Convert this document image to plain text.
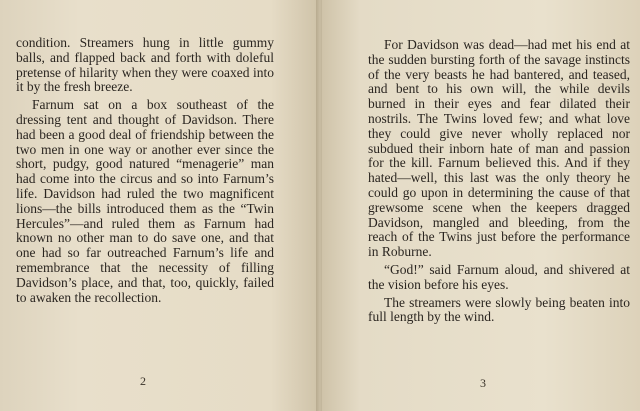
condition. Streamers hung in little gummy balls, and flapped back and forth with doleful pretense of hilarity when they were coaxed into it by the fresh breeze.

Farnum sat on a box southeast of the dressing tent and thought of Davidson. There had been a good deal of friendship between the two men in one way or another ever since the short, pudgy, good natured “menagerie” man had come into the circus and so into Farnum’s life. Davidson had ruled the two magnificent lions—the bills introduced them as the “Twin Hercules”—and ruled them as Farnum had known no other man to do save one, and that one had so far outreached Farnum’s life and remembrance that the necessity of filling Davidson’s place, and that, too, quickly, failed to awaken the recollection.

2

For Davidson was dead—had met his end at the sudden bursting forth of the savage instincts of the very beasts he had bantered, and teased, and bent to his own will, the while devils burned in their eyes and fear dilated their nostrils. The Twins loved few; and what love they could give never wholly replaced nor subdued their inborn hate of man and passion for the kill. Farnum believed this. And if they hated—well, this last was the only theory he could go upon in determining the cause of that grewsome scene when the keepers dragged Davidson, mangled and bleeding, from the reach of the Twins just before the performance in Roburne.

“God!” said Farnum aloud, and shivered at the vision before his eyes.

The streamers were slowly being beaten into full length by the wind.

3
